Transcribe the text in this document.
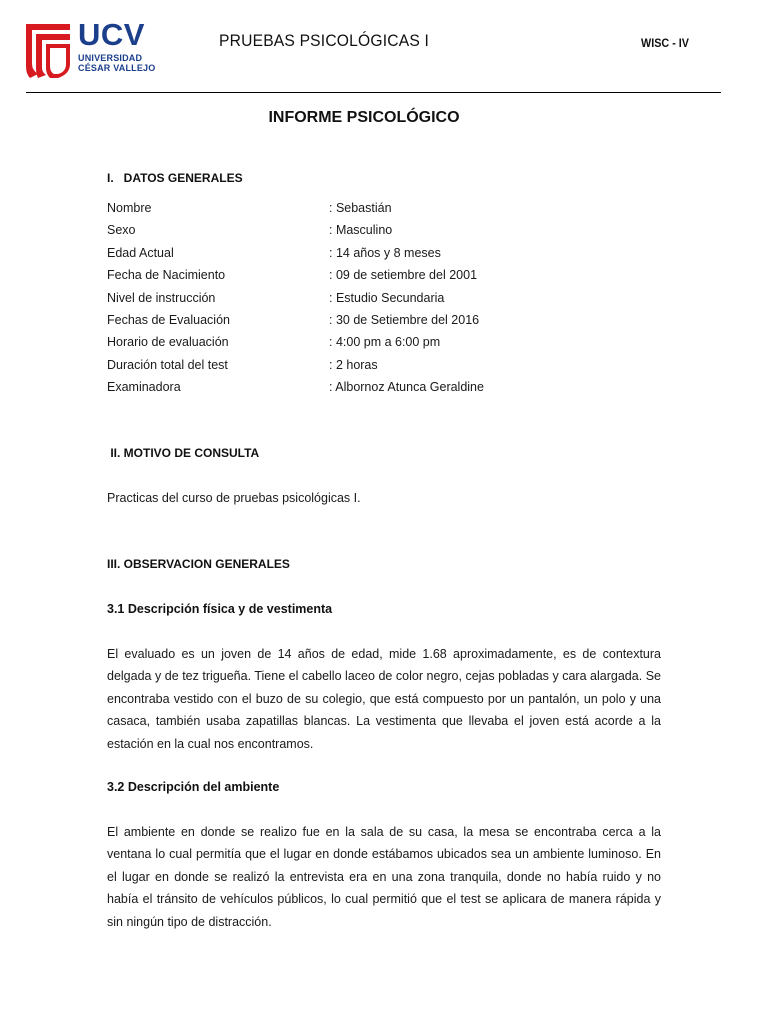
UCV
UNIVERSIDAD
CÉSAR VALLEJO
PRUEBAS PSICOLÓGICAS I	WISC - IV
INFORME PSICOLÓGICO
I.   DATOS GENERALES
Nombre	: Sebastián
Sexo	: Masculino
Edad Actual	: 14 años y 8 meses
Fecha de Nacimiento	: 09 de setiembre del 2001
Nivel de instrucción	: Estudio Secundaria
Fechas de Evaluación	: 30 de Setiembre del 2016
Horario de evaluación	: 4:00 pm a 6:00 pm
Duración total del test	: 2 horas
Examinadora	: Albornoz Atunca Geraldine
II. MOTIVO DE CONSULTA
Practicas del curso de pruebas psicológicas I.
III. OBSERVACION GENERALES
3.1 Descripción física y de vestimenta
El evaluado es un joven de 14 años de edad, mide 1.68 aproximadamente, es de contextura delgada y de tez trigueña. Tiene el cabello laceo de color negro, cejas pobladas y cara alargada. Se encontraba vestido con el buzo de su colegio, que está compuesto por un pantalón, un polo y una casaca, también usaba zapatillas blancas. La vestimenta que llevaba el joven está acorde a la estación en la cual nos encontramos.
3.2 Descripción del ambiente
El ambiente en donde se realizo fue en la sala de su casa, la mesa se encontraba cerca a la ventana lo cual permitía que el lugar en donde estábamos ubicados sea un ambiente luminoso. En el lugar en donde se realizó la entrevista era en una zona tranquila, donde no había ruido y no había el tránsito de vehículos públicos, lo cual permitió que el test se aplicara de manera rápida y sin ningún tipo de distracción.
